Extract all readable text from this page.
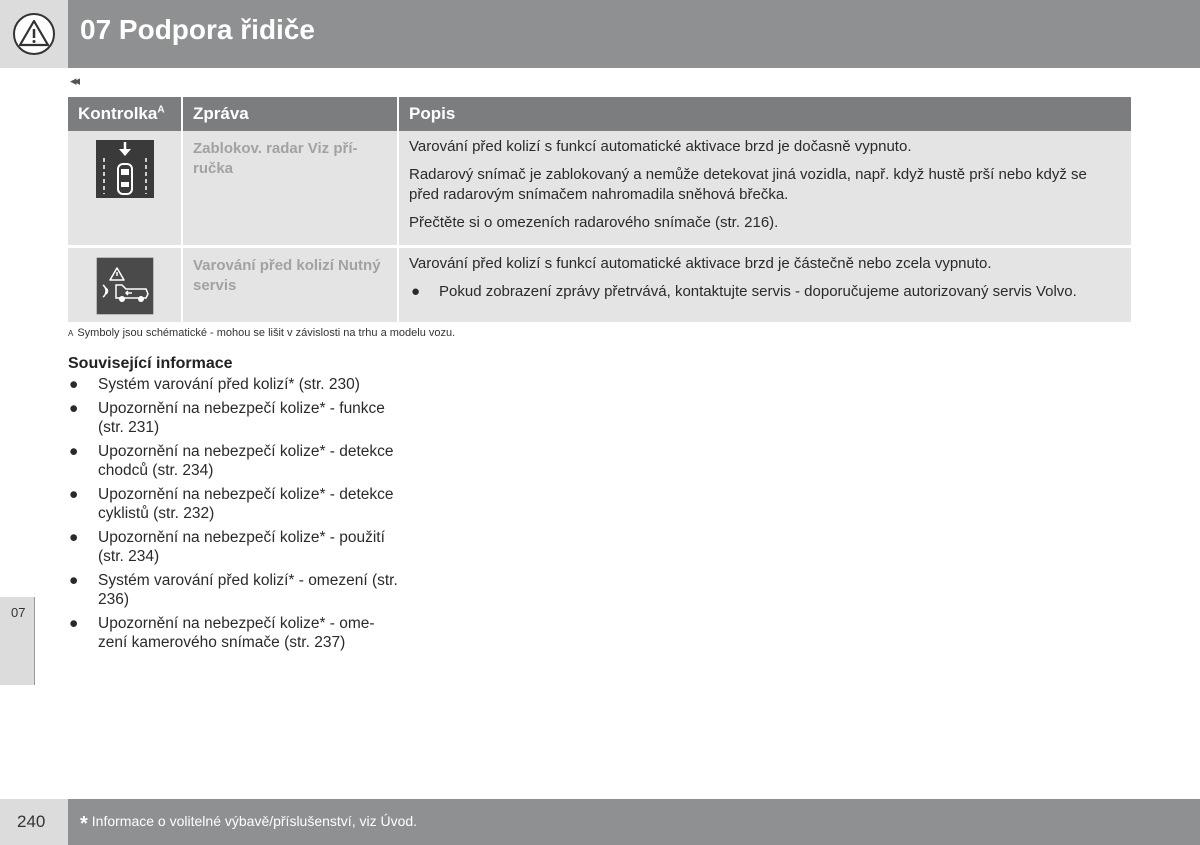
07 Podpora řidiče
◂◂
Kontrolka$^A$	Zpráva	Popis
	Zablokov. radar Viz pří- ručka	Varování před kolizí s funkcí automatické aktivace brzd je dočasně vypnuto.

Radarový snímač je zablokovaný a nemůže detekovat jiná vozidla, např. když hustě prší nebo když se před radarovým snímačem nahromadila sněhová břečka.

Přečtěte si o omezeních radarového snímače (str. 216).

	Varování před kolizí Nutný servis	Varování před kolizí s funkcí automatické aktivace brzd je částečně nebo zcela vypnuto.

● Pokud zobrazení zprávy přetrvává, kontaktujte servis - doporučujeme autorizovaný servis Volvo.
A Symboly jsou schématické - mohou se lišit v závislosti na trhu a modelu vozu.
Související informace
●	Systém varování před kolizí* (str. 230)
●	Upozornění na nebezpečí kolize* - funkce (str. 231)
●	Upozornění na nebezpečí kolize* - detekce chodců (str. 234)
●	Upozornění na nebezpečí kolize* - detekce cyklistů (str. 232)
●	Upozornění na nebezpečí kolize* - použití (str. 234)
●	Systém varování před kolizí* - omezení (str. 236)
●	Upozornění na nebezpečí kolize* - ome- zení kamerového snímače (str. 237)
07
240 * Informace o volitelné výbavě/příslušenství, viz Úvod.
